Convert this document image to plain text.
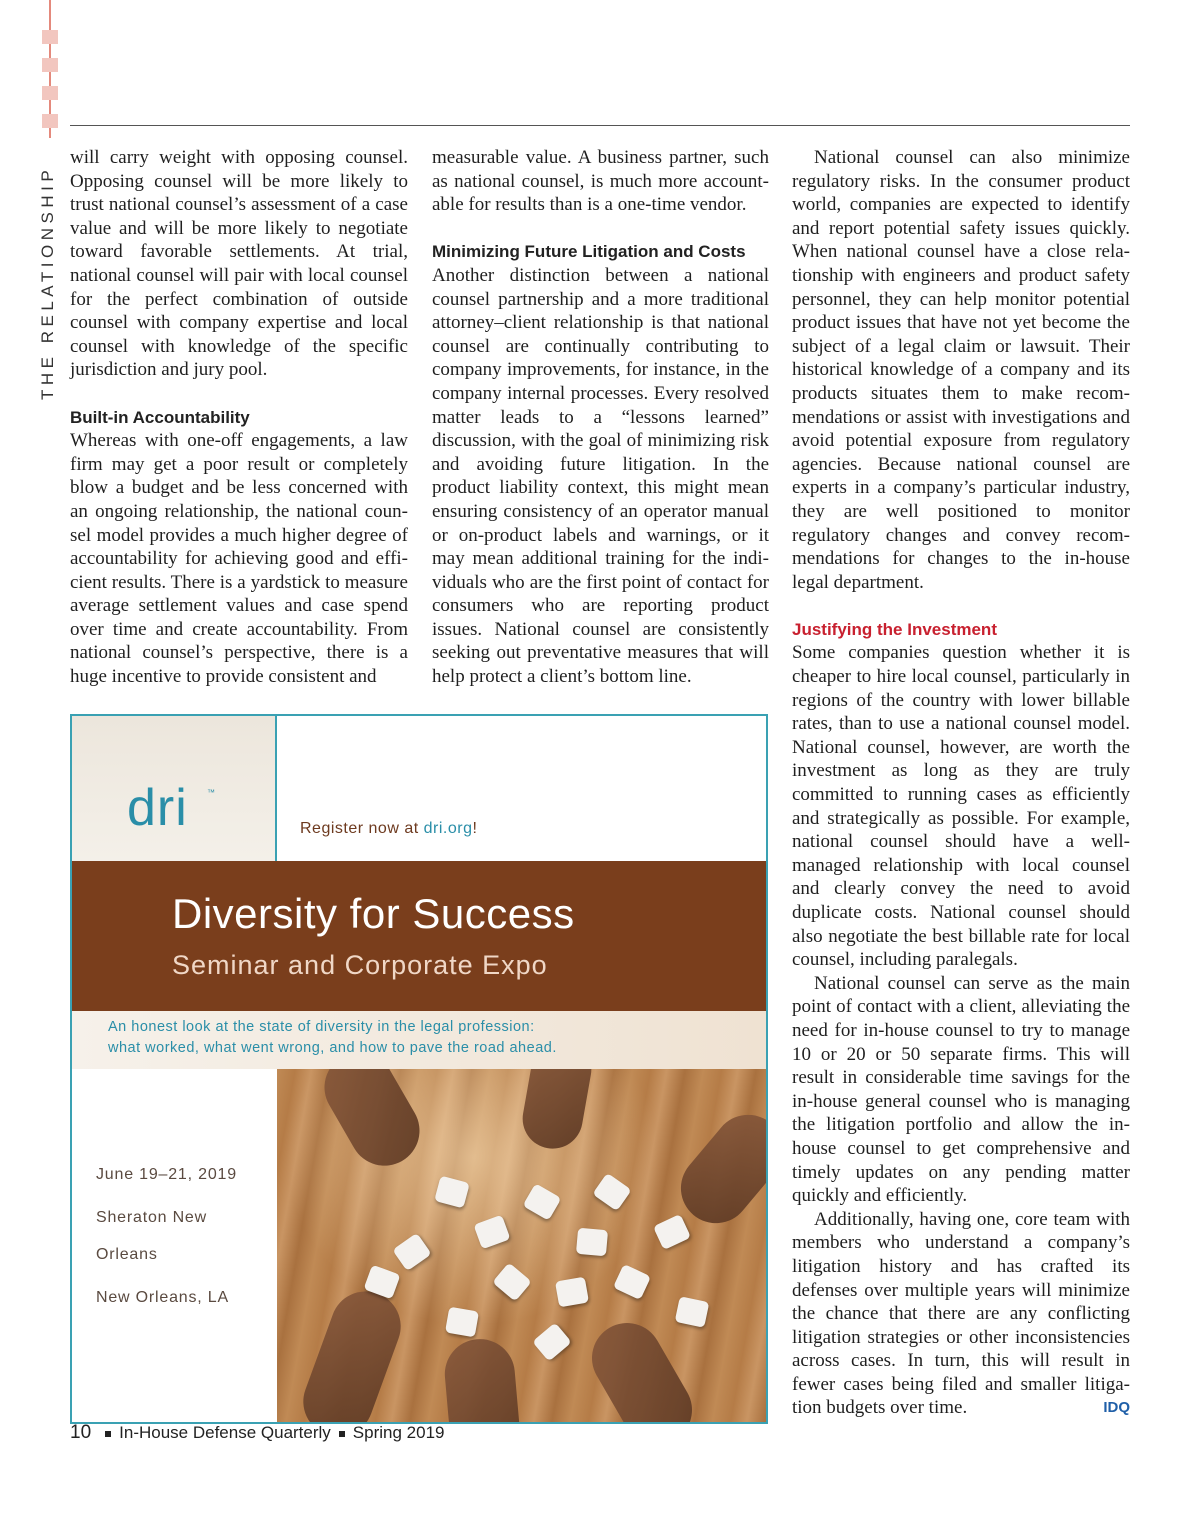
THE RELATIONSHIP

will carry weight with opposing counsel. Opposing counsel will be more likely to trust national counsel’s assessment of a case value and will be more likely to negotiate toward favorable settlements. At trial, national counsel will pair with local counsel for the perfect combination of outside counsel with company expertise and local counsel with knowledge of the specific jurisdiction and jury pool.

Built-in Accountability

Whereas with one-off engagements, a law firm may get a poor result or completely blow a budget and be less concerned with an ongoing relationship, the national counsel model provides a much higher degree of accountability for achieving good and efficient results. There is a yardstick to measure average settlement values and case spend over time and create accountability. From national counsel’s perspective, there is a huge incentive to provide consistent and

measurable value. A business partner, such as national counsel, is much more accountable for results than is a one-time vendor.

Minimizing Future Litigation and Costs

Another distinction between a national counsel partnership and a more traditional attorney–client relationship is that national counsel are continually contributing to company improvements, for instance, in the company internal processes. Every resolved matter leads to a “lessons learned” discussion, with the goal of minimizing risk and avoiding future litigation. In the product liability context, this might mean ensuring consistency of an operator manual or on-product labels and warnings, or it may mean additional training for the individuals who are the first point of contact for consumers who are reporting product issues. National counsel are consistently seeking out preventative measures that will help protect a client’s bottom line.

National counsel can also minimize regulatory risks. In the consumer product world, companies are expected to identify and report potential safety issues quickly. When national counsel have a close relationship with engineers and product safety personnel, they can help monitor potential product issues that have not yet become the subject of a legal claim or lawsuit. Their historical knowledge of a company and its products situates them to make recommendations or assist with investigations and avoid potential exposure from regulatory agencies. Because national counsel are experts in a company’s particular industry, they are well positioned to monitor regulatory changes and convey recommendations for changes to the in-house legal department.

Justifying the Investment

Some companies question whether it is cheaper to hire local counsel, particularly in regions of the country with lower billable rates, than to use a national counsel model. National counsel, however, are worth the investment as long as they are truly committed to running cases as efficiently and strategically as possible. For example, national counsel should have a well-managed relationship with local counsel and clearly convey the need to avoid duplicate costs. National counsel should also negotiate the best billable rate for local counsel, including paralegals.

National counsel can serve as the main point of contact with a client, alleviating the need for in-house counsel to try to manage 10 or 20 or 50 separate firms. This will result in considerable time savings for the in-house general counsel who is managing the litigation portfolio and allow the in-house counsel to get comprehensive and timely updates on any pending matter quickly and efficiently.

Additionally, having one, core team with members who understand a company’s litigation history and has crafted its defenses over multiple years will minimize the chance that there are any conflicting litigation strategies or other inconsistencies across cases. In turn, this will result in fewer cases being filed and smaller litigation budgets over time.	IDQ

dri ™
Register now at dri.org!
Diversity for Success
Seminar and Corporate Expo

An honest look at the state of diversity in the legal profession:

what worked, what went wrong, and how to pave the road ahead.

June 19–21, 2019
Sheraton New
Orleans
New Orleans, LA
10 In-House Defense Quarterly Spring 2019
